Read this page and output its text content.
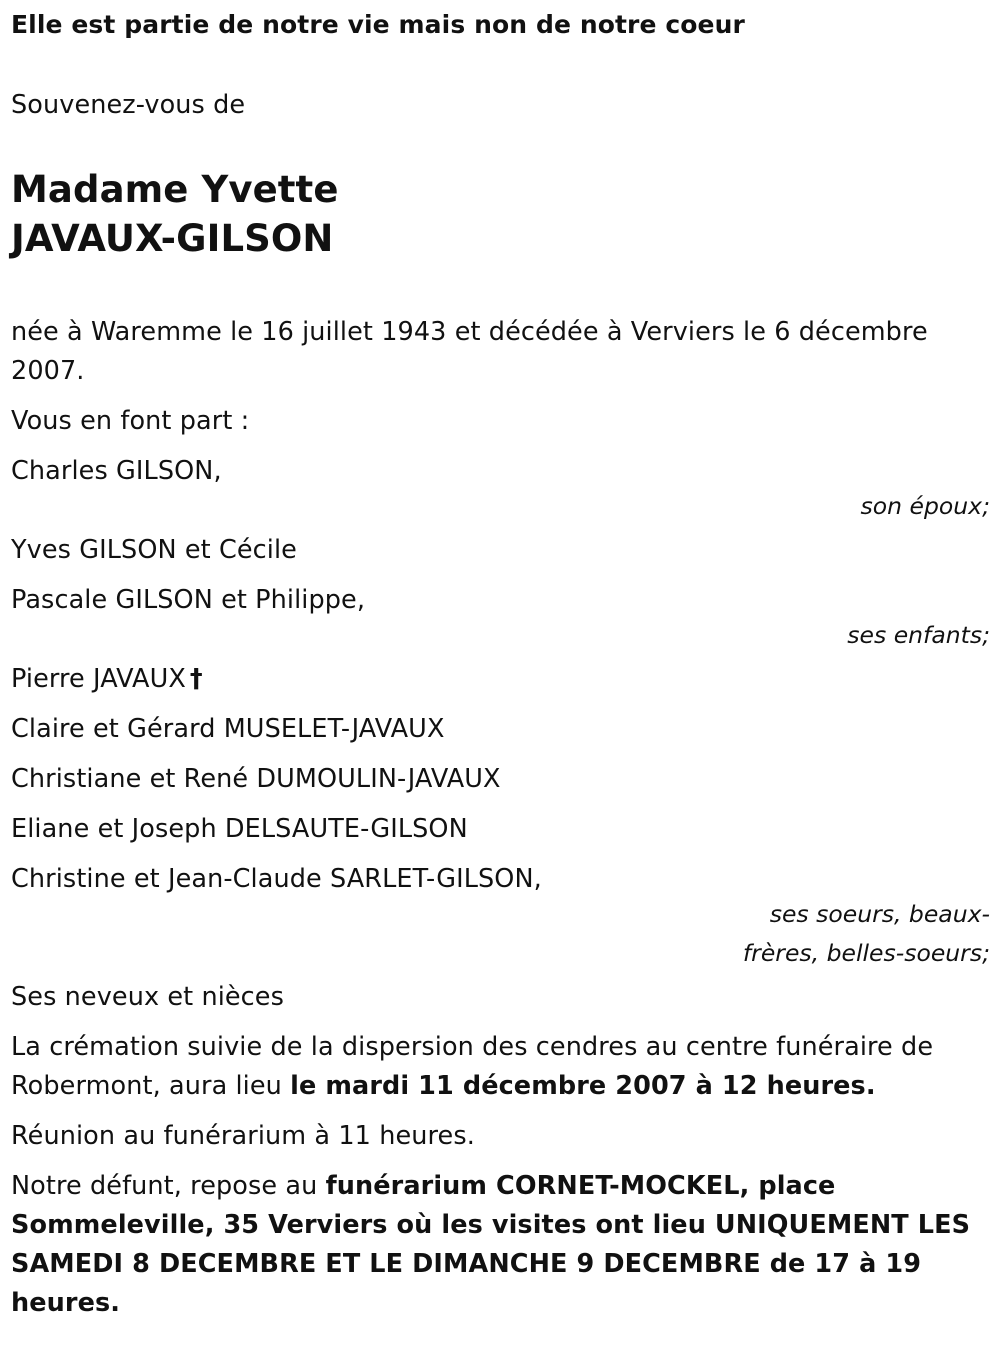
Elle est partie de notre vie mais non de notre coeur

Souvenez-vous de

Madame Yvette
JAVAUX-GILSON

née à Waremme le 16 juillet 1943 et décédée à Verviers le 6 décembre 2007.

Vous en font part :

Charles GILSON,

son époux;

Yves GILSON et Cécile

Pascale GILSON et Philippe,

ses enfants;

Pierre JAVAUX †

Claire et Gérard MUSELET-JAVAUX

Christiane et René DUMOULIN-JAVAUX

Eliane et Joseph DELSAUTE-GILSON

Christine et Jean-Claude SARLET-GILSON,

ses soeurs, beaux-frères, belles-soeurs;

Ses neveux et nièces

La crémation suivie de la dispersion des cendres au centre funéraire de Robermont, aura lieu le mardi 11 décembre 2007 à 12 heures.

Réunion au funérarium à 11 heures.

Notre défunt, repose au funérarium CORNET-MOCKEL, place Sommeleville, 35 Verviers où les visites ont lieu UNIQUEMENT LES SAMEDI 8 DECEMBRE ET LE DIMANCHE 9 DECEMBRE de 17 à 19 heures.
